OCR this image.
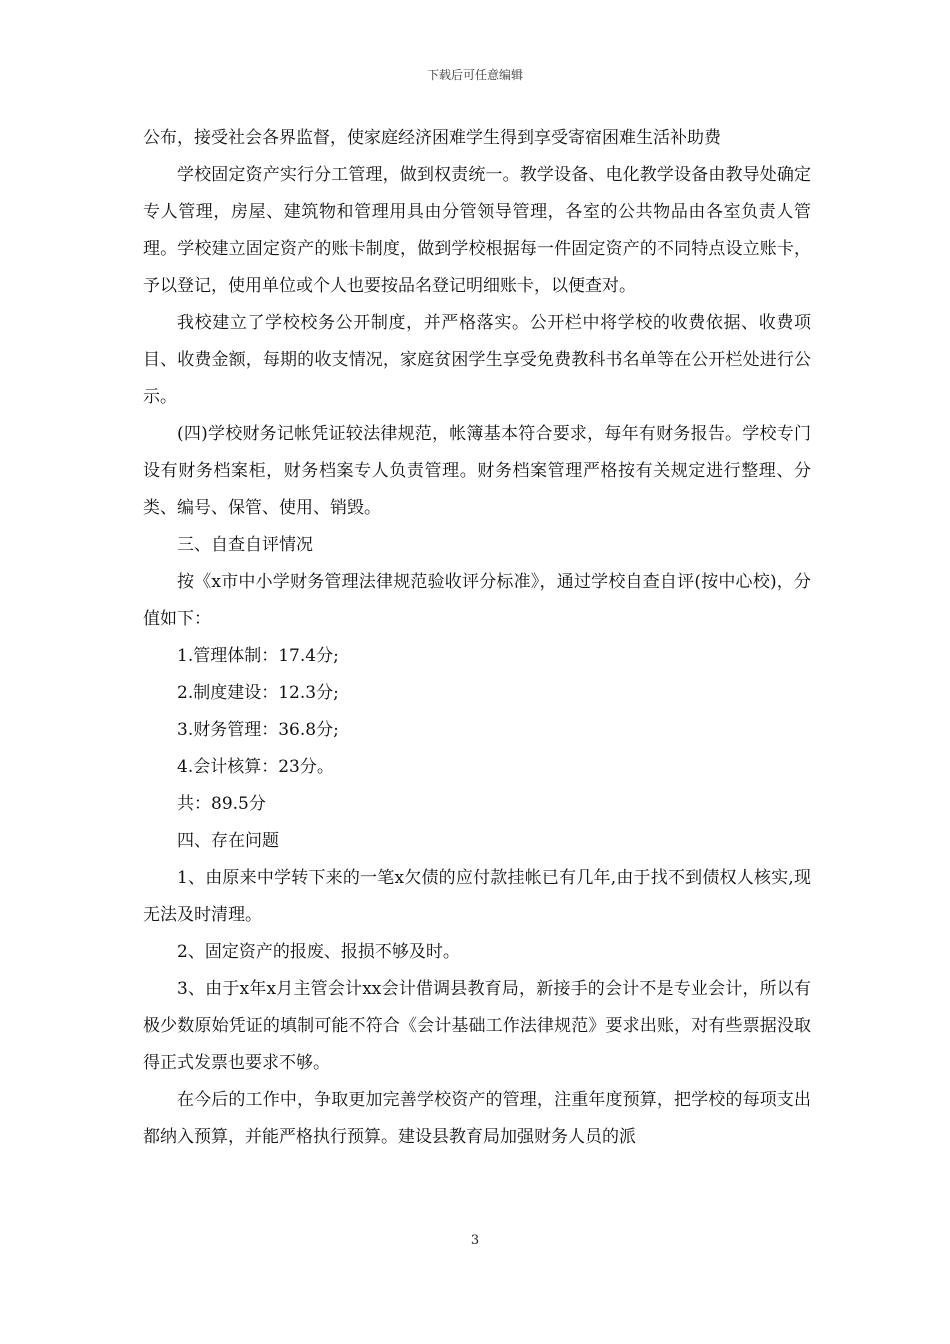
下载后可任意编辑

公布，接受社会各界监督，使家庭经济困难学生得到享受寄宿困难生活补助费

学校固定资产实行分工管理，做到权责统一。教学设备、电化教学设备由教导处确定专人管理，房屋、建筑物和管理用具由分管领导管理，各室的公共物品由各室负责人管理。学校建立固定资产的账卡制度，做到学校根据每一件固定资产的不同特点设立账卡，予以登记，使用单位或个人也要按品名登记明细账卡，以便查对。

我校建立了学校校务公开制度，并严格落实。公开栏中将学校的收费依据、收费项目、收费金额，每期的收支情况，家庭贫困学生享受免费教科书名单等在公开栏处进行公示。

(四)学校财务记帐凭证较法律规范，帐簿基本符合要求，每年有财务报告。学校专门设有财务档案柜，财务档案专人负责管理。财务档案管理严格按有关规定进行整理、分类、编号、保管、使用、销毁。

三、自查自评情况

按《x市中小学财务管理法律规范验收评分标准》，通过学校自查自评(按中心校)，分值如下：

1.管理体制：17.4分;

2.制度建设：12.3分;

3.财务管理：36.8分;

4.会计核算：23分。

共：89.5分

四、存在问题

1、由原来中学转下来的一笔x欠债的应付款挂帐已有几年,由于找不到债权人核实,现无法及时清理。

2、固定资产的报废、报损不够及时。

3、由于x年x月主管会计xx会计借调县教育局，新接手的会计不是专业会计，所以有极少数原始凭证的填制可能不符合《会计基础工作法律规范》要求出账，对有些票据没取得正式发票也要求不够。

在今后的工作中，争取更加完善学校资产的管理，注重年度预算，把学校的每项支出都纳入预算，并能严格执行预算。建设县教育局加强财务人员的派

3
